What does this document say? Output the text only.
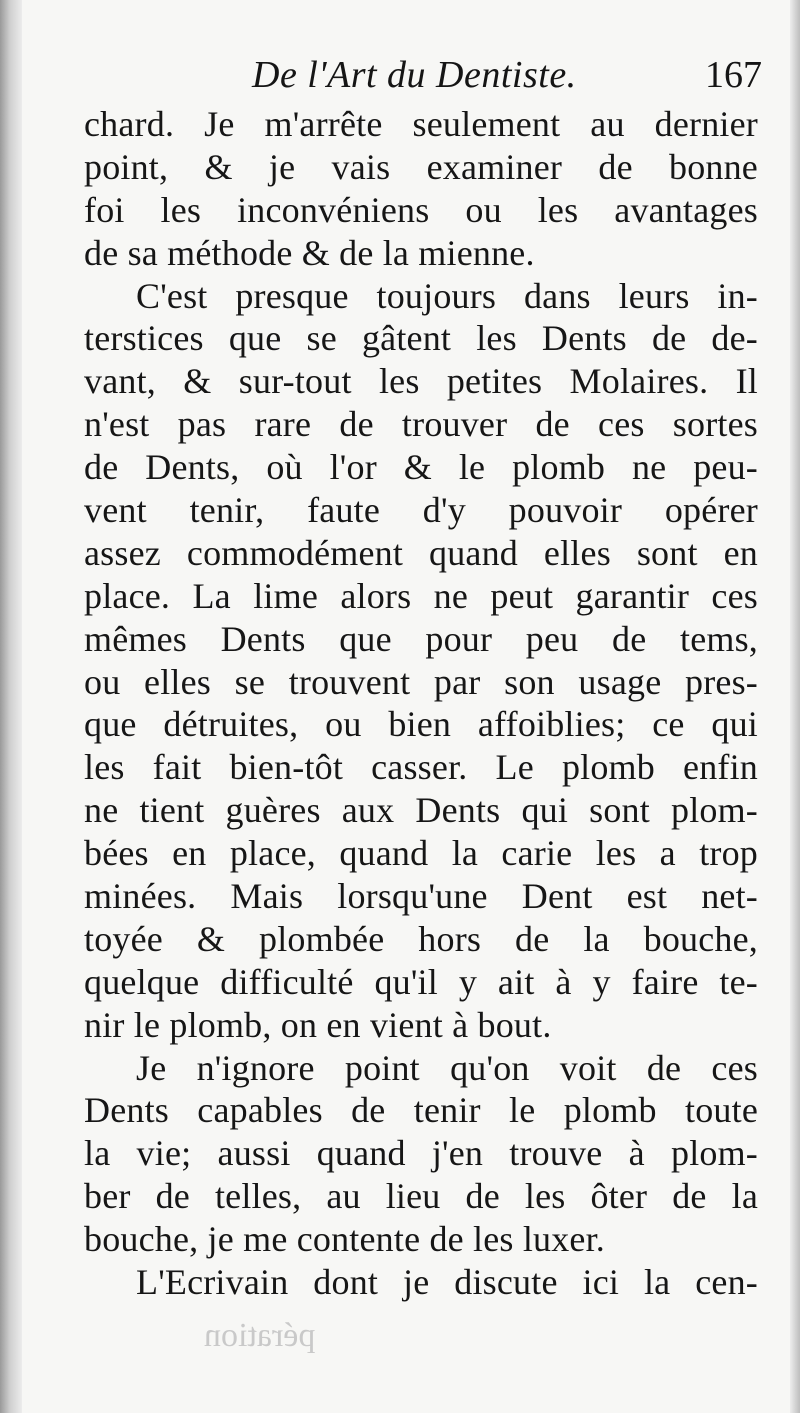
De l'Art du Dentiste.	167
chard. Je m'arrête seulement au dernier
point, & je vais examiner de bonne
foi les inconvéniens ou les avantages
de sa méthode & de la mienne.
C'est presque toujours dans leurs in-
terstices que se gâtent les Dents de de-
vant, & sur-tout les petites Molaires. Il
n'est pas rare de trouver de ces sortes
de Dents, où l'or & le plomb ne peu-
vent tenir, faute d'y pouvoir opérer
assez commodément quand elles sont en
place. La lime alors ne peut garantir ces
mêmes Dents que pour peu de tems,
ou elles se trouvent par son usage pres-
que détruites, ou bien affoiblies; ce qui
les fait bien-tôt casser. Le plomb enfin
ne tient guères aux Dents qui sont plom-
bées en place, quand la carie les a trop
minées. Mais lorsqu'une Dent est net-
toyée & plombée hors de la bouche,
quelque difficulté qu'il y ait à y faire te-
nir le plomb, on en vient à bout.
Je n'ignore point qu'on voit de ces
Dents capables de tenir le plomb toute
la vie; aussi quand j'en trouve à plom-
ber de telles, au lieu de les ôter de la
bouche, je me contente de les luxer.
L'Ecrivain dont je discute ici la cen-
pération
